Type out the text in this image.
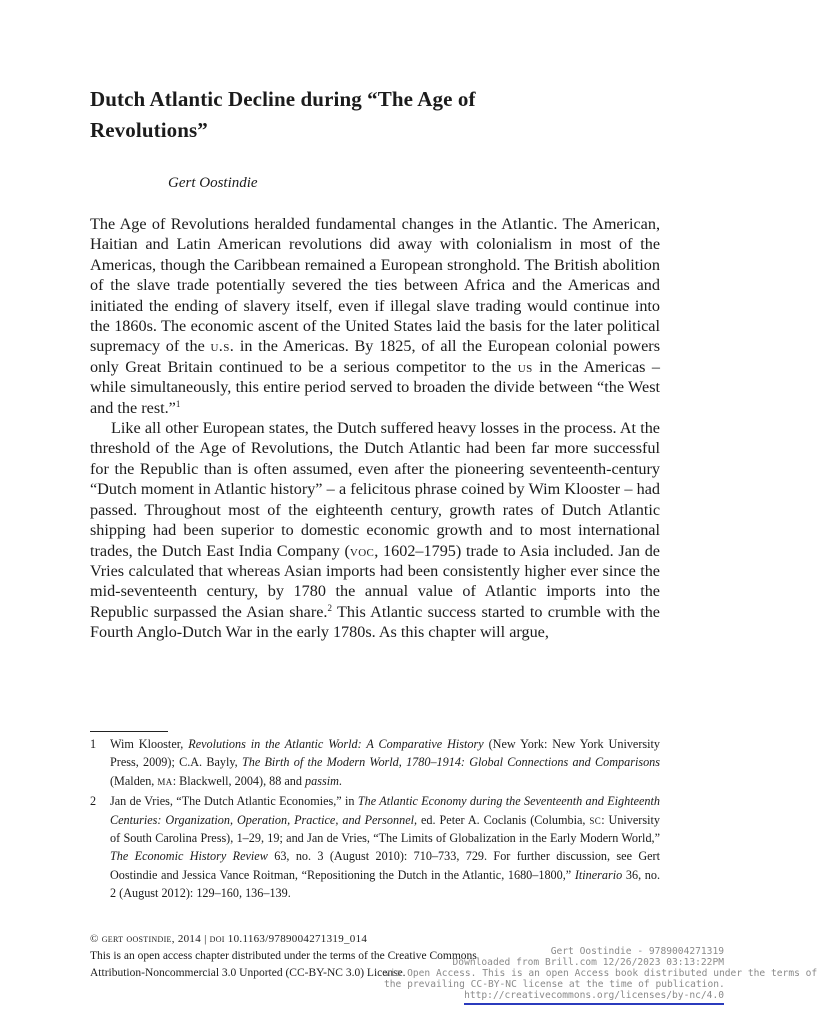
Dutch Atlantic Decline during “The Age of Revolutions”

Gert Oostindie

The Age of Revolutions heralded fundamental changes in the Atlantic. The American, Haitian and Latin American revolutions did away with colonialism in most of the Americas, though the Caribbean remained a European stronghold. The British abolition of the slave trade potentially severed the ties between Africa and the Americas and initiated the ending of slavery itself, even if illegal slave trading would continue into the 1860s. The economic ascent of the United States laid the basis for the later political supremacy of the u.s. in the Americas. By 1825, of all the European colonial powers only Great Britain continued to be a serious competitor to the us in the Americas – while simultaneously, this entire period served to broaden the divide between “the West and the rest.”$^1$

Like all other European states, the Dutch suffered heavy losses in the process. At the threshold of the Age of Revolutions, the Dutch Atlantic had been far more successful for the Republic than is often assumed, even after the pioneering seventeenth-century “Dutch moment in Atlantic history” – a felicitous phrase coined by Wim Klooster – had passed. Throughout most of the eighteenth century, growth rates of Dutch Atlantic shipping had been superior to domestic economic growth and to most international trades, the Dutch East India Company (voc, 1602–1795) trade to Asia included. Jan de Vries calculated that whereas Asian imports had been consistently higher ever since the mid-seventeenth century, by 1780 the annual value of Atlantic imports into the Republic surpassed the Asian share.$^2$ This Atlantic success started to crumble with the Fourth Anglo-Dutch War in the early 1780s. As this chapter will argue,

1	Wim Klooster, Revolutions in the Atlantic World: A Comparative History (New York: New York University Press, 2009); C.A. Bayly, The Birth of the Modern World, 1780–1914: Global Connections and Comparisons (Malden, ma: Blackwell, 2004), 88 and passim.
2	Jan de Vries, “The Dutch Atlantic Economies,” in The Atlantic Economy during the Seventeenth and Eighteenth Centuries: Organization, Operation, Practice, and Personnel, ed. Peter A. Coclanis (Columbia, sc: University of South Carolina Press), 1–29, 19; and Jan de Vries, “The Limits of Globalization in the Early Modern World,” The Economic History Review 63, no. 3 (August 2010): 710–733, 729. For further discussion, see Gert Oostindie and Jessica Vance Roitman, “Repositioning the Dutch in the Atlantic, 1680–1800,” Itinerario 36, no. 2 (August 2012): 129–160, 136–139.
© gert oostindie, 2014 | doi 10.1163/9789004271319_014
This is an open access chapter distributed under the terms of the Creative Commons
Attribution-Noncommercial 3.0 Unported (CC-BY-NC 3.0) License.
Gert Oostindie - 9789004271319
Downloaded from Brill.com 12/26/2023 03:13:22PM
via Open Access. This is an open Access book distributed under the terms of
the prevailing CC-BY-NC license at the time of publication.
http://creativecommons.org/licenses/by-nc/4.0
